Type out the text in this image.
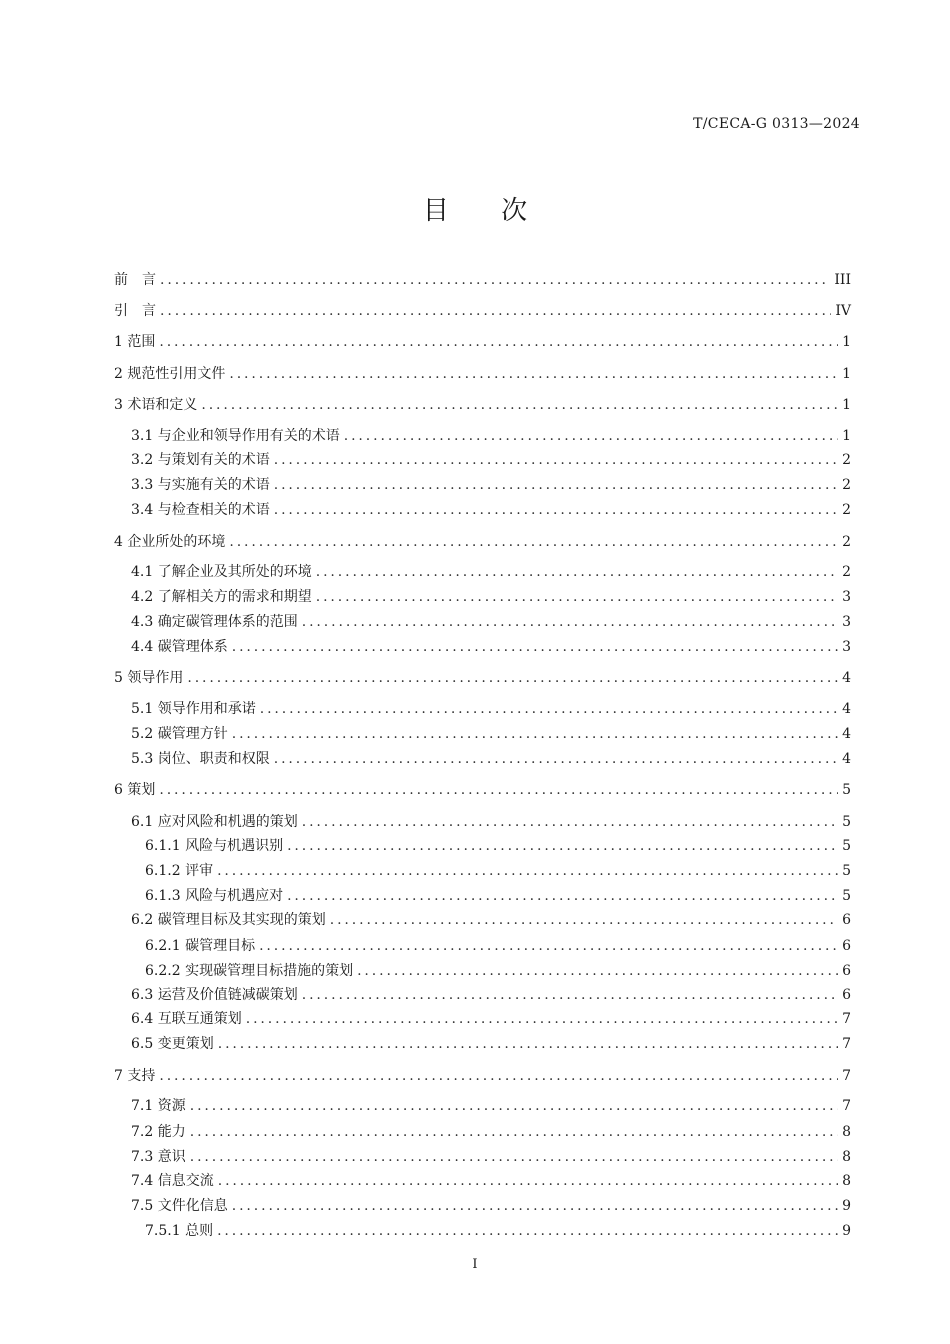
T/CECA-G 0313—2024
目 次
前　言 .....	III
引　言 .....	IV
1 范围 .....	1
2 规范性引用文件 .....	1
3 术语和定义 .....	1
3.1 与企业和领导作用有关的术语 .....	1
3.2 与策划有关的术语 .....	2
3.3 与实施有关的术语 .....	2
3.4 与检查相关的术语 .....	2
4 企业所处的环境 .....	2
4.1 了解企业及其所处的环境 .....	2
4.2 了解相关方的需求和期望 .....	3
4.3 确定碳管理体系的范围 .....	3
4.4 碳管理体系 .....	3
5 领导作用 .....	4
5.1 领导作用和承诺 .....	4
5.2 碳管理方针 .....	4
5.3 岗位、职责和权限 .....	4
6 策划 .....	5
6.1 应对风险和机遇的策划 .....	5
6.1.1 风险与机遇识别 .....	5
6.1.2 评审 .....	5
6.1.3 风险与机遇应对 .....	5
6.2 碳管理目标及其实现的策划 .....	6
6.2.1 碳管理目标 .....	6
6.2.2 实现碳管理目标措施的策划 .....	6
6.3 运营及价值链减碳策划 .....	6
6.4 互联互通策划 .....	7
6.5 变更策划 .....	7
7 支持 .....	7
7.1 资源 .....	7
7.2 能力 .....	8
7.3 意识 .....	8
7.4 信息交流 .....	8
7.5 文件化信息 .....	9
7.5.1 总则 .....	9
I
